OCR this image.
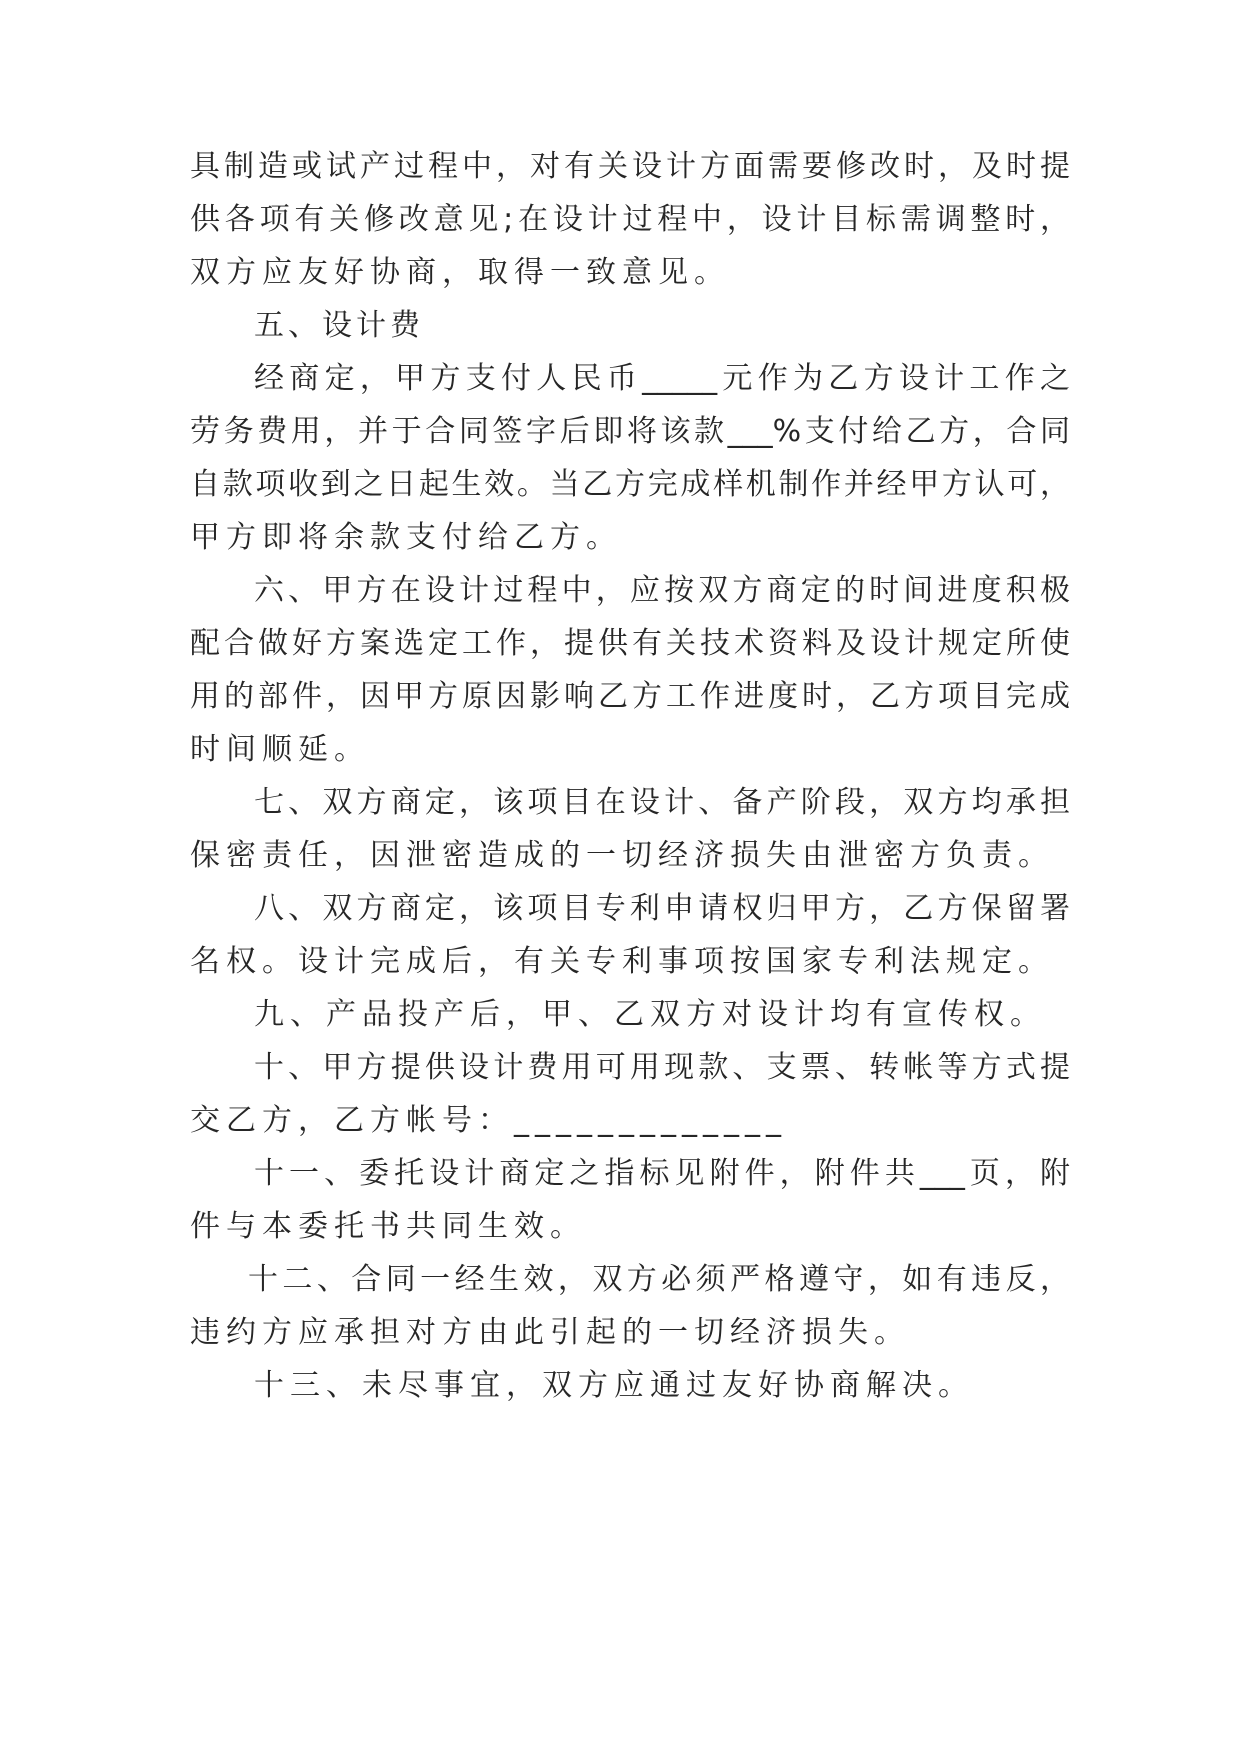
具制造或试产过程中，对有关设计方面需要修改时，及时提
供各项有关修改意见;在设计过程中，设计目标需调整时，
双方应友好协商，取得一致意见。
五、设计费
经商定，甲方支付人民币_____元作为乙方设计工作之
劳务费用，并于合同签字后即将该款___%支付给乙方，合同
自款项收到之日起生效。当乙方完成样机制作并经甲方认可，
甲方即将余款支付给乙方。
六、甲方在设计过程中，应按双方商定的时间进度积极
配合做好方案选定工作，提供有关技术资料及设计规定所使
用的部件，因甲方原因影响乙方工作进度时，乙方项目完成
时间顺延。
七、双方商定，该项目在设计、备产阶段，双方均承担
保密责任，因泄密造成的一切经济损失由泄密方负责。
八、双方商定，该项目专利申请权归甲方，乙方保留署
名权。设计完成后，有关专利事项按国家专利法规定。
九、产品投产后，甲、乙双方对设计均有宣传权。
十、甲方提供设计费用可用现款、支票、转帐等方式提
交乙方，乙方帐号：_____________
十一、委托设计商定之指标见附件，附件共___页，附
件与本委托书共同生效。
十二、合同一经生效，双方必须严格遵守，如有违反，
违约方应承担对方由此引起的一切经济损失。
十三、未尽事宜，双方应通过友好协商解决。
